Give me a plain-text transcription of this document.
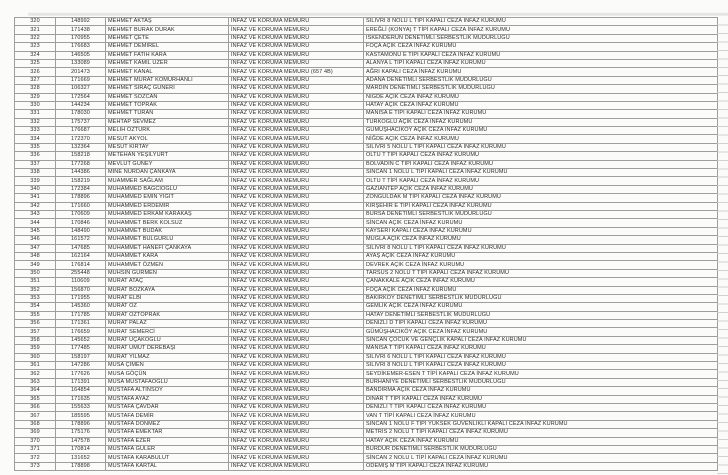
320	148992	MEHMET AKTAŞ	İNFAZ VE KORUMA MEMURU	SİLİVRİ 8 NOLU L TİPİ KAPALI CEZA İNFAZ KURUMU
321	171438	MEHMET BURAK DURAK	İNFAZ VE KORUMA MEMURU	EREĞLİ (KONYA) T TİPİ KAPALI CEZA İNFAZ KURUMU
322	170955	MEHMET ÇETE	İNFAZ VE KORUMA MEMURU	İSKENDERUN DENETİMLİ SERBESTLİK MÜDÜRLÜĞÜ
323	176683	MEHMET DEMİREL	İNFAZ VE KORUMA MEMURU	FOÇA AÇIK CEZA İNFAZ KURUMU
324	146505	MEHMET FATİH KARA	İNFAZ VE KORUMA MEMURU	KASTAMONU E TİPİ KAPALI CEZA İNFAZ KURUMU
325	133089	MEHMET KAMİL UZER	İNFAZ VE KORUMA MEMURU	ALANYA L TİPİ KAPALI CEZA İNFAZ KURUMU
326	201473	MEHMET KANAL	İNFAZ VE KORUMA MEMURU (657 4B)	AĞRI KAPALI CEZA İNFAZ KURUMU
327	171669	MEHMET MURAT KÖMÜRHANLI	İNFAZ VE KORUMA MEMURU	ADANA DENETİMLİ SERBESTLİK MÜDÜRLÜĞÜ
328	106327	MEHMET SİRAÇ GÜNERİ	İNFAZ VE KORUMA MEMURU	MARDİN DENETİMLİ SERBESTLİK MÜDÜRLÜĞÜ
329	172564	MEHMET SÖZCAN	İNFAZ VE KORUMA MEMURU	NİĞDE AÇIK CEZA İNFAZ KURUMU
330	144234	MEHMET TOPRAK	İNFAZ VE KORUMA MEMURU	HATAY AÇIK CEZA İNFAZ KURUMU
331	178030	MEHMET TURAN	İNFAZ VE KORUMA MEMURU	MANİSA E TİPİ KAPALI CEZA İNFAZ KURUMU
332	175737	MEHTAP SEVMEZ	İNFAZ VE KORUMA MEMURU	TÜRKOĞLU AÇIK CEZA İNFAZ KURUMU
333	176687	MELİH ÖZTÜRK	İNFAZ VE KORUMA MEMURU	GÜMÜŞHACIKÖY AÇIK CEZA İNFAZ KURUMU
334	172370	MESUT AKYOL	İNFAZ VE KORUMA MEMURU	NİĞDE AÇIK CEZA İNFAZ KURUMU
335	132364	MESUT KIRTAY	İNFAZ VE KORUMA MEMURU	SİLİVRİ 5 NOLU L TİPİ KAPALI CEZA İNFAZ KURUMU
336	158218	METEHAN YEŞİLYURT	İNFAZ VE KORUMA MEMURU	OLTU T TİPİ KAPALI CEZA İNFAZ KURUMU
337	177268	MEVLÜT GÜNEY	İNFAZ VE KORUMA MEMURU	BOLVADİN C TİPİ KAPALI CEZA İNFAZ KURUMU
338	144386	MİNE NURDAN ÇANKAYA	İNFAZ VE KORUMA MEMURU	SİNCAN 1 NOLU L TİPİ KAPALI CEZA İNFAZ KURUMU
339	158219	MUAMMER SAĞLAM	İNFAZ VE KORUMA MEMURU	OLTU T TİPİ KAPALI CEZA İNFAZ KURUMU
340	172384	MUHAMMED BAĞCIOĞLU	İNFAZ VE KORUMA MEMURU	GAZİANTEP AÇIK CEZA İNFAZ KURUMU
341	178896	MUHAMMED EMİN YİĞİT	İNFAZ VE KORUMA MEMURU	ZONGULDAK M TİPİ KAPALI CEZA İNFAZ KURUMU
342	171660	MUHAMMED ERDEMİR	İNFAZ VE KORUMA MEMURU	KIRŞEHİR E TİPİ KAPALI CEZA İNFAZ KURUMU
343	170609	MUHAMMED ERKAM KARAKAŞ	İNFAZ VE KORUMA MEMURU	BURSA DENETİMLİ SERBESTLİK MÜDÜRLÜĞÜ
344	170846	MUHAMMET BERK KOLSUZ	İNFAZ VE KORUMA MEMURU	SİNCAN AÇIK CEZA İNFAZ KURUMU
345	148490	MUHAMMET BUDAK	İNFAZ VE KORUMA MEMURU	KAYSERİ KAPALI CEZA İNFAZ KURUMU
346	161572	MUHAMMET BULGURLU	İNFAZ VE KORUMA MEMURU	MUĞLA AÇIK CEZA İNFAZ KURUMU
347	147685	MUHAMMET HANEFİ ÇANKAYA	İNFAZ VE KORUMA MEMURU	SİLİVRİ 8 NOLU L TİPİ KAPALI CEZA İNFAZ KURUMU
348	162164	MUHAMMET KARA	İNFAZ VE KORUMA MEMURU	AYAŞ AÇIK CEZA İNFAZ KURUMU
349	176814	MUHAMMET ÖZMEN	İNFAZ VE KORUMA MEMURU	DEVREK AÇIK CEZA İNFAZ KURUMU
350	255448	MUHSİN GÜRMEN	İNFAZ VE KORUMA MEMURU	TARSUS 2 NOLU T TİPİ KAPALI CEZA İNFAZ KURUMU
351	110609	MURAT ATAÇ	İNFAZ VE KORUMA MEMURU	ÇANAKKALE AÇIK CEZA İNFAZ KURUMU
352	156870	MURAT BOZKAYA	İNFAZ VE KORUMA MEMURU	FOÇA AÇIK CEZA İNFAZ KURUMU
353	171955	MURAT ELBİ	İNFAZ VE KORUMA MEMURU	BAKIRKÖY DENETİMLİ SERBESTLİK MÜDÜRLÜĞÜ
354	145360	MURAT ÖZ	İNFAZ VE KORUMA MEMURU	GEMLİK AÇIK CEZA İNFAZ KURUMU
355	171785	MURAT ÖZTOPRAK	İNFAZ VE KORUMA MEMURU	HATAY DENETİMLİ SERBESTLİK MÜDÜRLÜĞÜ
356	171361	MURAT PALAZ	İNFAZ VE KORUMA MEMURU	DENİZLİ D TİPİ KAPALI CEZA İNFAZ KURUMU
357	176659	MURAT SEMERCİ	İNFAZ VE KORUMA MEMURU	GÜMÜŞHACIKÖY AÇIK CEZA İNFAZ KURUMU
358	145652	MURAT UÇAKOĞLU	İNFAZ VE KORUMA MEMURU	SİNCAN ÇOCUK VE GENÇLİK KAPALI CEZA İNFAZ KURUMU
359	177485	MURAT UMUT DEREBAŞI	İNFAZ VE KORUMA MEMURU	MANİSA T TİPİ KAPALI CEZA İNFAZ KURUMU
360	158197	MURAT YILMAZ	İNFAZ VE KORUMA MEMURU	SİLİVRİ 6 NOLU L TİPİ KAPALI CEZA İNFAZ KURUMU
361	147286	MUSA ÇİMEN	İNFAZ VE KORUMA MEMURU	SİLİVRİ 8 NOLU L TİPİ KAPALI CEZA İNFAZ KURUMU
362	177626	MUSA GÖÇÜN	İNFAZ VE KORUMA MEMURU	SEYDİKEMER-ESEN T TİPİ KAPALI CEZA İNFAZ KURUMU
363	171391	MUSA MUSTAFAOĞLU	İNFAZ VE KORUMA MEMURU	BURHANİYE DENETİMLİ SERBESTLİK MÜDÜRLÜĞÜ
364	164854	MUSTAFA ALTINSOY	İNFAZ VE KORUMA MEMURU	BANDIRMA AÇIK CEZA İNFAZ KURUMU
365	171635	MUSTAFA AYAZ	İNFAZ VE KORUMA MEMURU	DİNAR T TİPİ KAPALI CEZA İNFAZ KURUMU
366	155633	MUSTAFA ÇAVDAR	İNFAZ VE KORUMA MEMURU	DENİZLİ T TİPİ KAPALI CEZA İNFAZ KURUMU
367	185595	MUSTAFA DEMİR	İNFAZ VE KORUMA MEMURU	VAN T TİPİ KAPALI CEZA İNFAZ KURUMU
368	178896	MUSTAFA DÖNMEZ	İNFAZ VE KORUMA MEMURU	SİNCAN 1 NOLU F TİPİ YÜKSEK GÜVENLİKLİ KAPALI CEZA İNFAZ KURUMU
369	175176	MUSTAFA EMEKTAR	İNFAZ VE KORUMA MEMURU	METRİS 2 NOLU T TİPİ KAPALI CEZA İNFAZ KURUMU
370	147578	MUSTAFA EZER	İNFAZ VE KORUMA MEMURU	HATAY AÇIK CEZA İNFAZ KURUMU
371	170814	MUSTAFA GÜLER	İNFAZ VE KORUMA MEMURU	BURDUR DENETİMLİ SERBESTLİK MÜDÜRLÜĞÜ
372	131652	MUSTAFA KARABULUT	İNFAZ VE KORUMA MEMURU	SİNCAN 2 NOLU L TİPİ KAPALI CEZA İNFAZ KURUMU
373	178898	MUSTAFA KARTAL	İNFAZ VE KORUMA MEMURU	ÖDEMİŞ M TİPİ KAPALI CEZA İNFAZ KURUMU
